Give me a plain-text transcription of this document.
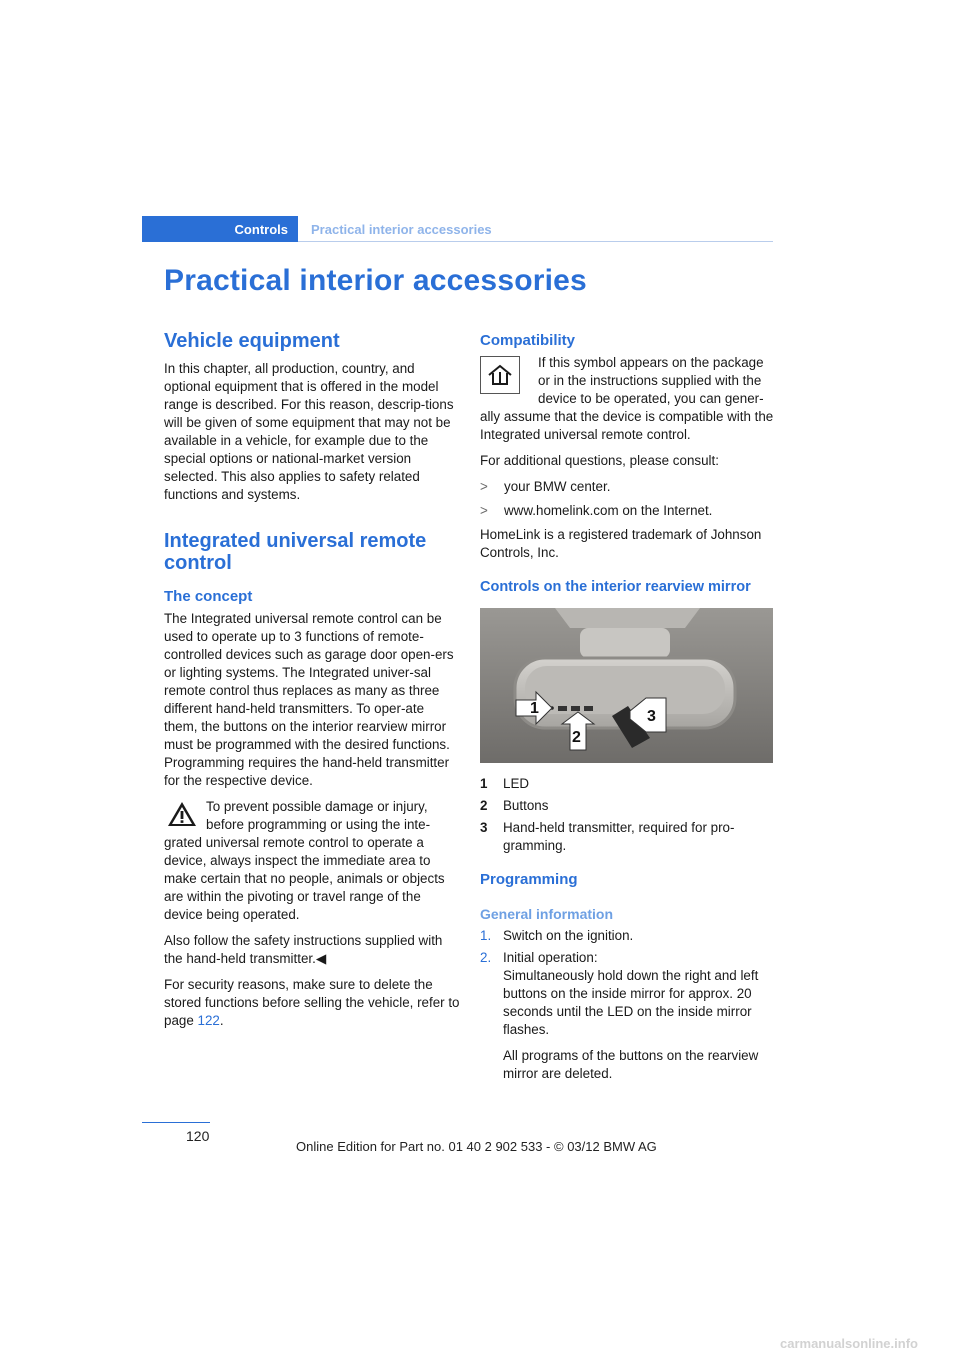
Controls Practical interior accessories
Practical interior accessories
Vehicle equipment

In this chapter, all production, country, and optional equipment that is offered in the model range is described. For this reason, descrip-tions will be given of some equipment that may not be available in a vehicle, for example due to the special options or national-market version selected. This also applies to safety related functions and systems.

Integrated universal remote control
The concept

The Integrated universal remote control can be used to operate up to 3 functions of remote-controlled devices such as garage door open-ers or lighting systems. The Integrated univer-sal remote control thus replaces as many as three different hand-held transmitters. To oper-ate them, the buttons on the interior rearview mirror must be programmed with the desired functions. Programming requires the hand-held transmitter for the respective device.

To prevent possible damage or injury, before programming or using the inte-grated universal remote control to operate a device, always inspect the immediate area to make certain that no people, animals or objects are within the pivoting or travel range of the device being operated.

Also follow the safety instructions supplied with the hand-held transmitter.◀

For security reasons, make sure to delete the stored functions before selling the vehicle, refer to page 122.

Compatibility

If this symbol appears on the package or in the instructions supplied with the device to be operated, you can gener-ally assume that the device is compatible with the Integrated universal remote control.

For additional questions, please consult:

>	your BMW center.
>	www.homelink.com on the Internet.

HomeLink is a registered trademark of Johnson Controls, Inc.

Controls on the interior rearview mirror
1
2
3
1	LED
2	Buttons
3	Hand-held transmitter, required for pro-gramming.
Programming
General information
1. Switch on the ignition.
2. Initial operation:
Simultaneously hold down the right and left buttons on the inside mirror for approx. 20 seconds until the LED on the inside mirror flashes.
All programs of the buttons on the rearview mirror are deleted.
120
Online Edition for Part no. 01 40 2 902 533 - © 03/12 BMW AG
carmanualsonline.info
